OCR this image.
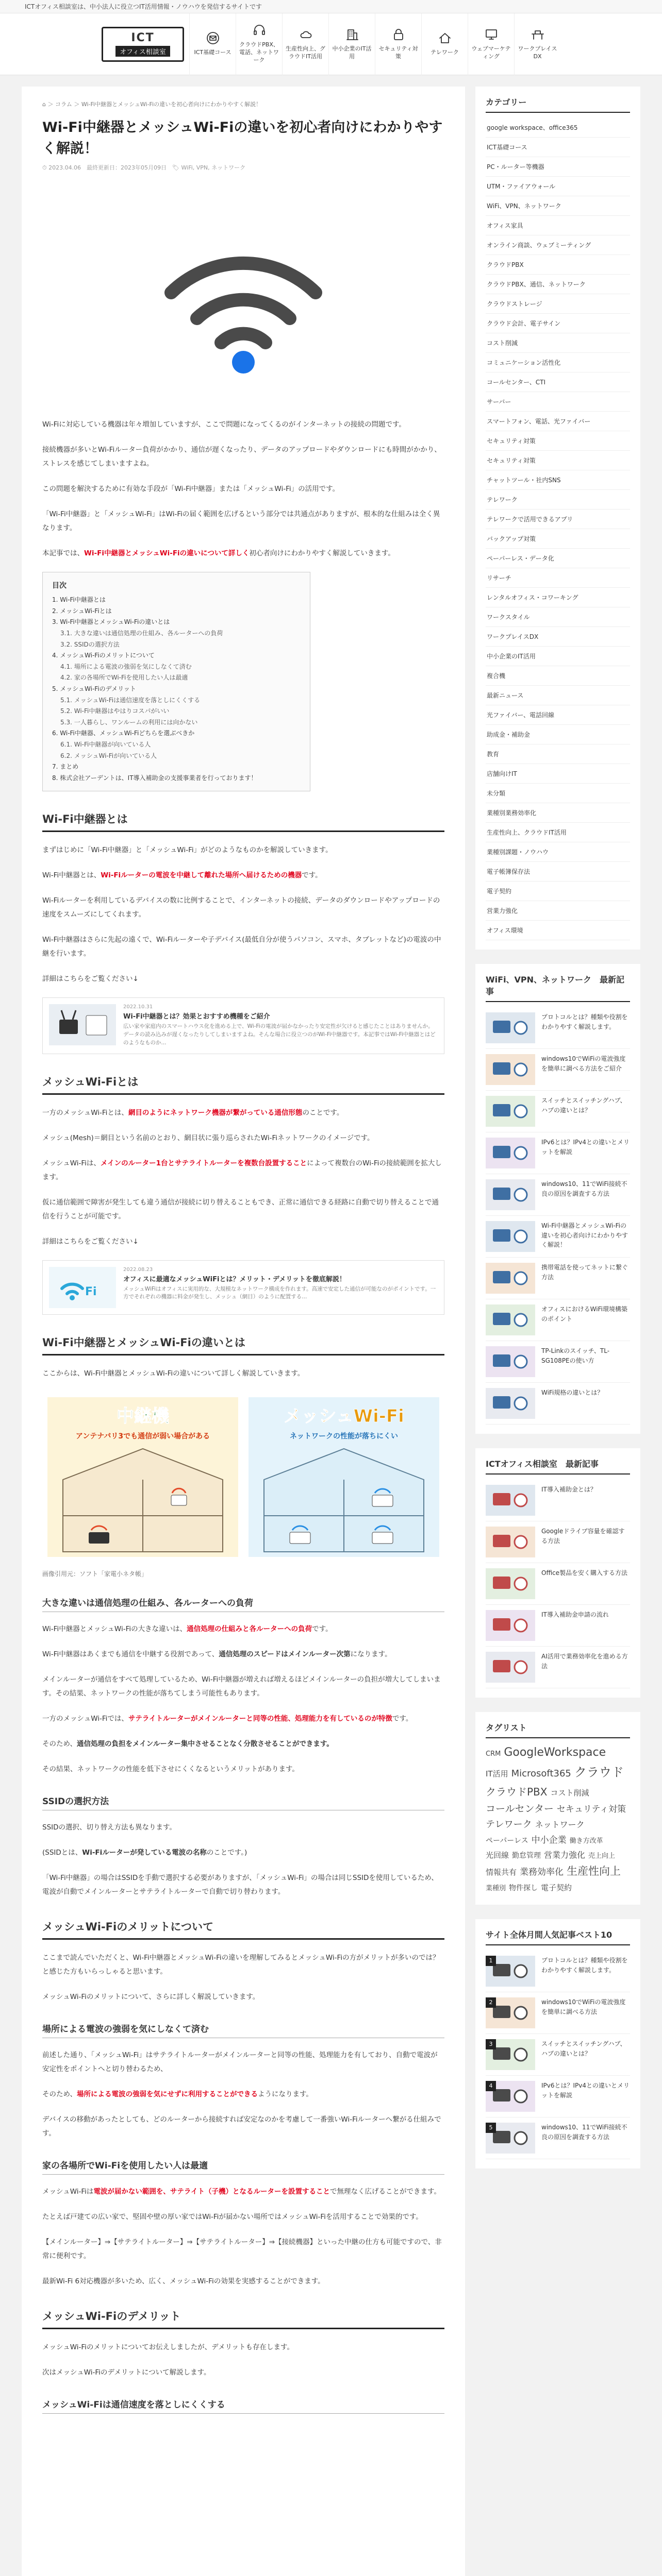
ICTオフィス相談室は、中小法人に役立つIT活用情報・ノウハウを発信するサイトです
ICT
オフィス相談室	ICT基礎コース
クラウドPBX、電話、ネットワーク
生産性向上、グラウドIT活用
中小企業のIT活用
セキュリティ対策
テレワーク
ウェブマーケティング
ワークプレイスDX
⌂ ＞ コラム ＞ Wi-Fi中継器とメッシュWi-Fiの違いを初心者向けにわかりやすく解説！
Wi-Fi中継器とメッシュWi-Fiの違いを初心者向けにわかりやすく解説！
⏱ 2023.04.06　最終更新日：2023年05月09日　🏷 WiFi, VPN, ネットワーク

Wi-Fiに対応している機器は年々増加していますが、ここで問題になってくるのがインターネットの接続の問題です。

接続機器が多いとWi-Fiルーター負荷がかかり、通信が遅くなったり、データのアップロードやダウンロードにも時間がかかり、ストレスを感じてしまいますよね。

この問題を解決するために有効な手段が「Wi-Fi中継器」または「メッシュWi-Fi」の活用です。

「Wi-Fi中継器」と「メッシュWi-Fi」はWi-Fiの届く範囲を広げるという部分では共通点がありますが、根本的な仕組みは全く異なります。

本記事では、Wi-Fi中継器とメッシュWi-Fiの違いについて詳しく初心者向けにわかりやすく解説していきます。

目次
1. Wi-Fi中継器とは
2. メッシュWi-Fiとは
3. Wi-Fi中継器とメッシュWi-Fiの違いとは
3.1. 大きな違いは通信処理の仕組み、各ルーターへの負荷
3.2. SSIDの選択方法
4. メッシュWi-Fiのメリットについて
4.1. 場所による電波の強弱を気にしなくて済む
4.2. 家の各場所でWi-Fiを使用したい人は最適
5. メッシュWi-Fiのデメリット
5.1. メッシュWi-Fiは通信速度を落としにくくする
5.2. Wi-Fi中継器はやはりコスパがいい
5.3. 一人暮らし、ワンルームの利用には向かない
6. Wi-Fi中継器、メッシュWi-Fiどちらを選ぶべきか
6.1. Wi-Fi中継器が向いている人
6.2. メッシュWi-Fiが向いている人
7. まとめ
8. 株式会社アーデントは、IT導入補助金の支援事業者を行っております！
Wi-Fi中継器とは

まずはじめに「Wi-Fi中継器」と「メッシュWi-Fi」がどのようなものかを解説していきます。

Wi-Fi中継器とは、Wi-Fiルーターの電波を中継して離れた場所へ届けるための機器です。

Wi-Fiルーターを利用しているデバイスの数に比例することで、インターネットの接続、データのダウンロードやアップロードの速度をスムーズにしてくれます。

Wi-Fi中継器はさらに先起の遠くで、Wi-Fiルーターや子デバイス(最低自分が使うパソコン、スマホ、タブレットなど)の電波の中継を行います。

詳細はこちらをご覧ください↓

2022.10.31
Wi-Fi中継器とは？効果とおすすめ機種をご紹介
広い家や家庭内のスマートハウス化を進める上で、Wi-Fiの電波が届かなかったり安定性が欠けると感じたことはありませんか。データの読み込みが遅くなったりしてしまいますよね。そんな場合に役立つのがWi-Fi中継器です。本記事ではWi-Fi中継器とはどのようなものか...
メッシュWi-Fiとは

一方のメッシュWi-Fiとは、網目のようにネットワーク機器が繋がっている通信形態のことです。

メッシュ(Mesh)＝網目という名前のとおり、網目状に張り巡らされたWi-Fiネットワークのイメージです。

メッシュWi-Fiは、メインのルーター1台とサテライトルーターを複数台設置することによって複数台のWi-Fiの接続範囲を拡大します。

仮に通信範囲で障害が発生しても違う通信が接続に切り替えることもでき、正常に通信できる経路に自動で切り替えることで通信を行うことが可能です。

詳細はこちらをご覧ください↓

Fi
2022.08.23
オフィスに最適なメッシュWiFiとは？メリット・デメリットを徹底解説！
メッシュWiFiはオフィスに実用的な、大規模なネットワーク構成を作れます。高速で安定した通信が可能なのがポイントです。一方でそれぞれの機器に料金が発生し、メッシュ（網目）のように配置する...
Wi-Fi中継器とメッシュWi-Fiの違いとは

ここからは、Wi-Fi中継器とメッシュWi-Fiの違いについて詳しく解説していきます。

中継機
アンテナバリ3でも通信が弱い場合がある
メッシュWi-Fi
ネットワークの性能が落ちにくい
画像引用元：ソフト「家電小ネタ帳」
大きな違いは通信処理の仕組み、各ルーターへの負荷

Wi-Fi中継器とメッシュWi-Fiの大きな違いは、通信処理の仕組みと各ルーターへの負荷です。

Wi-Fi中継器はあくまでも通信を中継する役割であって、通信処理のスピードはメインルーター次第になります。

メインルーターが通信をすべて処理しているため、Wi-Fi中継器が増えれば増えるほどメインルーターの負担が増大してしまいます。その結果、ネットワークの性能が落ちてしまう可能性もあります。

一方のメッシュWi-Fiでは、サテライトルーターがメインルーターと同等の性能、処理能力を有しているのが特徴です。

そのため、通信処理の負担をメインルーター集中させることなく分散させることができます。

その結果、ネットワークの性能を低下させにくくなるというメリットがあります。

SSIDの選択方法

SSIDの選択、切り替え方法も異なります。

(SSIDとは、Wi-Fiルーターが発している電波の名称のことです。)

「Wi-Fi中継器」の場合はSSIDを手動で選択する必要がありますが、「メッシュWi-Fi」の場合は同じSSIDを使用しているため、電波が自動でメインルーターとサテライトルーターで自動で切り替わります。

メッシュWi-Fiのメリットについて

ここまで読んでいただくと、Wi-Fi中継器とメッシュWi-Fiの違いを理解してみるとメッシュWi-Fiの方がメリットが多いのでは？と感じた方もいらっしゃると思います。

メッシュWi-Fiのメリットについて、さらに詳しく解説していきます。

場所による電波の強弱を気にしなくて済む

前述した通り、「メッシュWi-Fi」はサテライトルーターがメインルーターと同等の性能、処理能力を有しており、自動で電波が安定性をポイントへと切り替わるため、

そのため、場所による電波の強弱を気にせずに利用することができるようになります。

デバイスの移動があったとしても、どのルーターから接続すれば安定なのかを考慮して一番強いWi-Fiルーターへ繋がる仕組みです。

家の各場所でWi-Fiを使用したい人は最適

メッシュWi-Fiは電波が届かない範囲を、サテライト（子機）となるルーターを設置することで無理なく広げることができます。

たとえば戸建ての広い家で、堅固や壁の厚い家ではWi-Fiが届かない場所ではメッシュWi-Fiを活用することで効果的です。

【メインルーター】⇒【サテライトルーター】⇒【サテライトルーター】⇒【接続機器】といった中継の仕方も可能ですので、非常に便利です。

最新Wi-Fi 6対応機器が多いため、広く、メッシュWi-Fiの効果を実感することができます。

メッシュWi-Fiのデメリット

メッシュWi-Fiのメリットについてお伝えしましたが、デメリットも存在します。

次はメッシュWi-Fiのデメリットについて解説します。

メッシュWi-Fiは通信速度を落としにくくする
カテゴリー
google workspace、office365
ICT基礎コース
PC・ルーター等機器
UTM・ファイアウォール
WiFi、VPN、ネットワーク
オフィス家具
オンライン商談、ウェブミーティング
クラウドPBX
クラウドPBX、通信、ネットワーク
クラウドストレージ
クラウド会計、電子サイン
コスト削減
コミュニケーション活性化
コールセンター、CTI
サーバー
スマートフォン、電話、光ファイバー
セキュリティ対策
セキュリティ対策
チャットツール・社内SNS
テレワーク
テレワークで活用できるアプリ
バックアップ対策
ペーパーレス・データ化
リサーチ
レンタルオフィス・コワーキング
ワークスタイル
ワークプレイスDX
中小企業のIT活用
複合機
最新ニュース
光ファイバー、電話回線
助成金・補助金
教育
店舗向けIT
未分類
業種別業務効率化
生産性向上、クラウドIT活用
業種別課題・ノウハウ
電子帳簿保存法
電子契約
営業力強化
オフィス環境
WiFi、VPN、ネットワーク　最新記事
プロトコルとは？種類や役割をわかりやすく解説します。
windows10でWiFiの電波強度を簡単に調べる方法をご紹介
スイッチとスイッチングハブ、ハブの違いとは？
IPv6とは？IPv4との違いとメリットを解説
windows10、11でWiFi接続不良の原因を調査する方法
Wi-Fi中継器とメッシュWi-Fiの違いを初心者向けにわかりやすく解説！
携帯電話を使ってネットに繋ぐ方法
オフィスにおけるWiFi環境構築のポイント
TP-Linkのスイッチ、TL-SG108PEの使い方
WiFi規格の違いとは？
ICTオフィス相談室　最新記事
IT導入補助金とは？
Googleドライブ容量を確認する方法
Office製品を安く購入する方法
IT導入補助金申請の流れ
AI活用で業務効率化を進める方法
タグリスト
CRM GoogleWorkspaceIT活用 Microsoft365 クラウドクラウドPBX コスト削減コールセンター セキュリティ対策テレワーク ネットワークペーパーレス 中小企業 働き方改革光回線 勤怠管理 営業力強化 売上向上情報共有 業務効率化 生産性向上業種別 物件探し 電子契約
サイト全体月間人気記事ベスト10
1	プロトコルとは？種類や役割をわかりやすく解説します。
2	windows10でWiFiの電波強度を簡単に調べる方法
3	スイッチとスイッチングハブ、ハブの違いとは？
4	IPv6とは？IPv4との違いとメリットを解説
5	windows10、11でWiFi接続不良の原因を調査する方法
